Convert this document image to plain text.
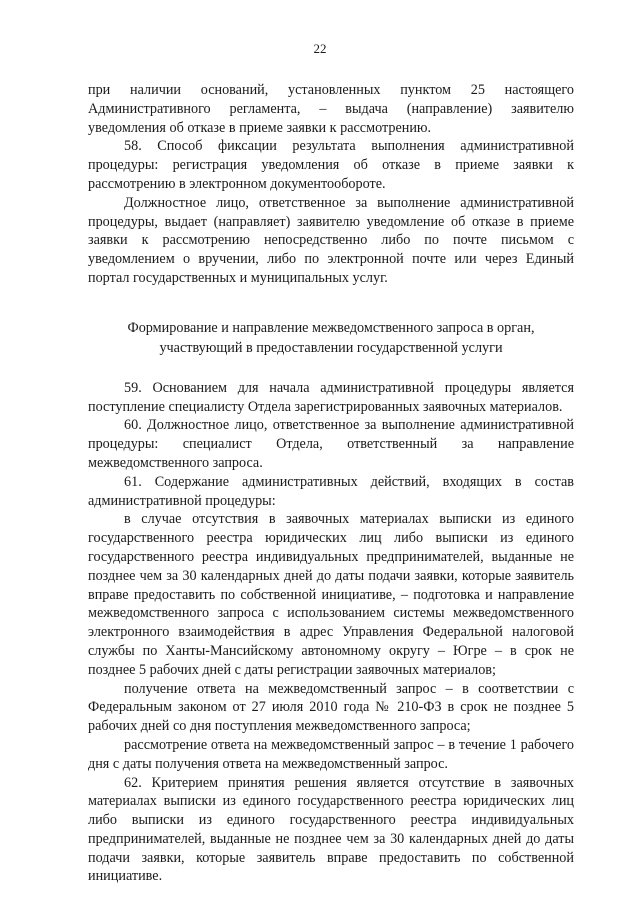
22

при наличии оснований, установленных пунктом 25 настоящего Административного регламента, – выдача (направление) заявителю уведомления об отказе в приеме заявки к рассмотрению.

58. Способ фиксации результата выполнения административной процедуры: регистрация уведомления об отказе в приеме заявки к рассмотрению в электронном документообороте.

Должностное лицо, ответственное за выполнение административной процедуры, выдает (направляет) заявителю уведомление об отказе в приеме заявки к рассмотрению непосредственно либо по почте письмом с уведомлением о вручении, либо по электронной почте или через Единый портал государственных и муниципальных услуг.

Формирование и направление межведомственного запроса в орган, участвующий в предоставлении государственной услуги

59. Основанием для начала административной процедуры является поступление специалисту Отдела зарегистрированных заявочных материалов.

60. Должностное лицо, ответственное за выполнение административной процедуры: специалист Отдела, ответственный за направление межведомственного запроса.

61. Содержание административных действий, входящих в состав административной процедуры:

в случае отсутствия в заявочных материалах выписки из единого государственного реестра юридических лиц либо выписки из единого государственного реестра индивидуальных предпринимателей, выданные не позднее чем за 30 календарных дней до даты подачи заявки, которые заявитель вправе предоставить по собственной инициативе, – подготовка и направление межведомственного запроса с использованием системы межведомственного электронного взаимодействия в адрес Управления Федеральной налоговой службы по Ханты-Мансийскому автономному округу – Югре – в срок не позднее 5 рабочих дней с даты регистрации заявочных материалов;

получение ответа на межведомственный запрос – в соответствии с Федеральным законом от 27 июля 2010 года № 210-ФЗ в срок не позднее 5 рабочих дней со дня поступления межведомственного запроса;

рассмотрение ответа на межведомственный запрос – в течение 1 рабочего дня с даты получения ответа на межведомственный запрос.

62. Критерием принятия решения является отсутствие в заявочных материалах выписки из единого государственного реестра юридических лиц либо выписки из единого государственного реестра индивидуальных предпринимателей, выданные не позднее чем за 30 календарных дней до даты подачи заявки, которые заявитель вправе предоставить по собственной инициативе.
